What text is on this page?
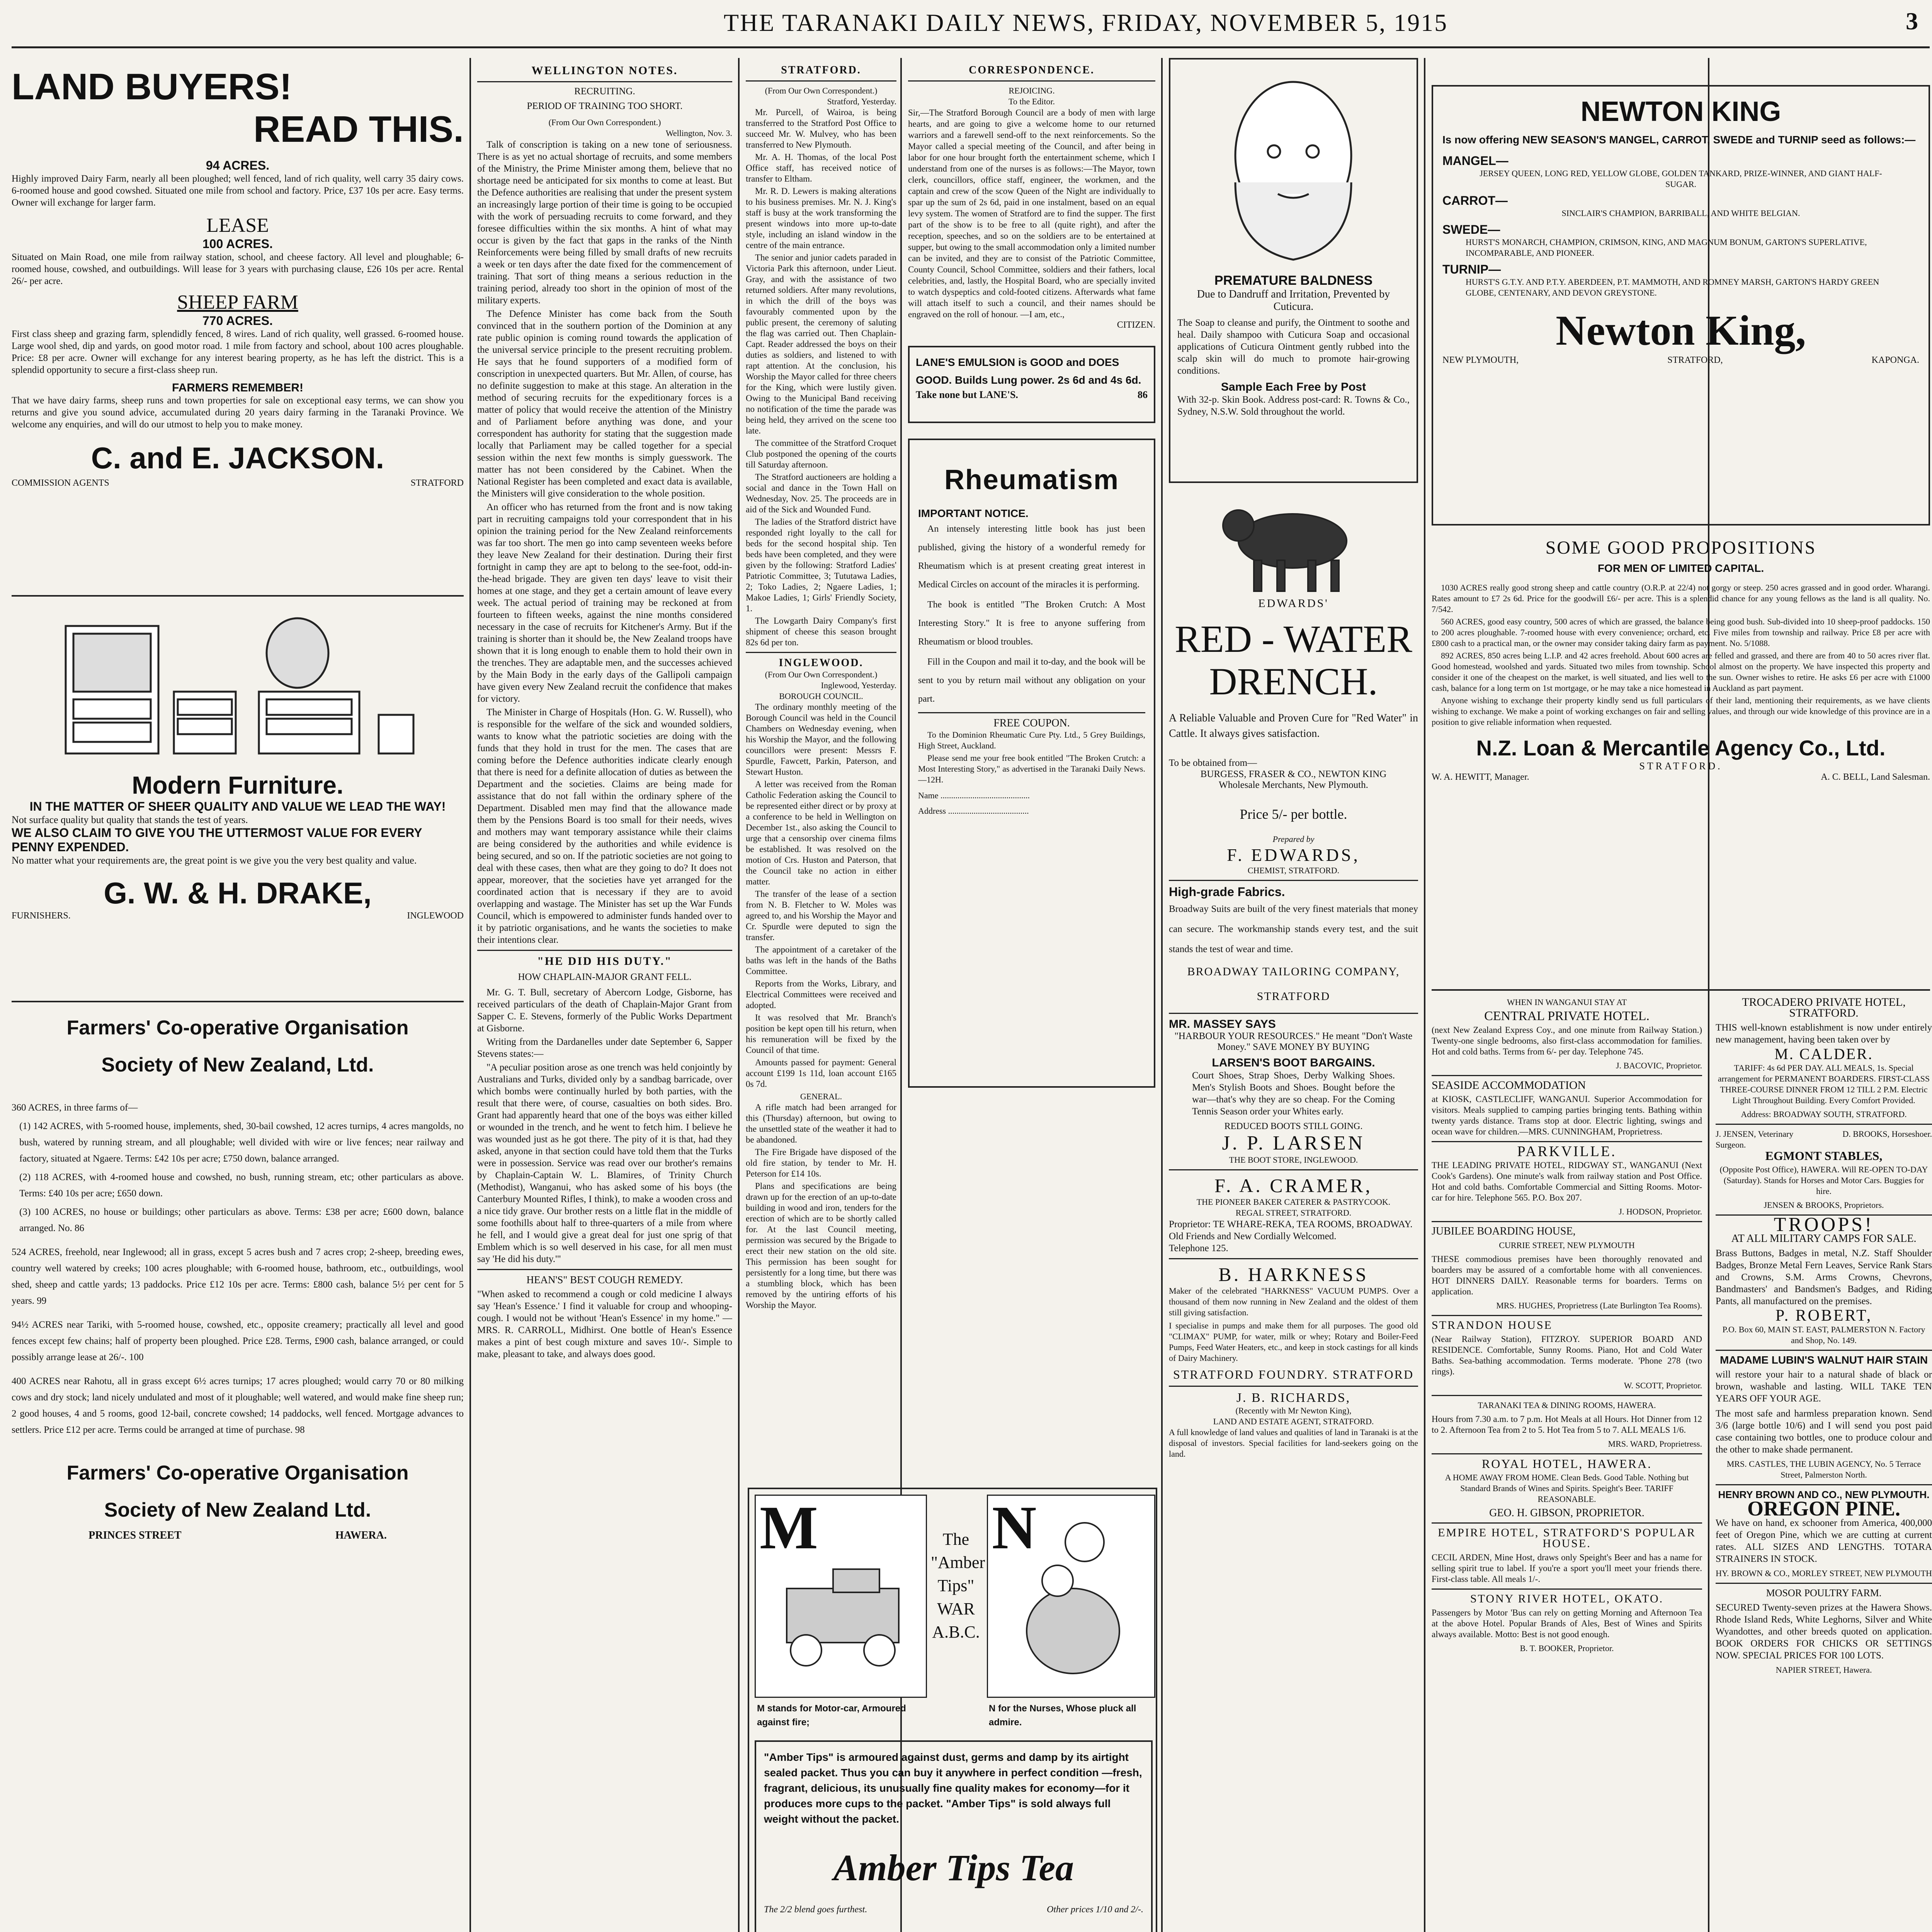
THE TARANAKI DAILY NEWS, FRIDAY, NOVEMBER 5, 1915	3
LAND BUYERS!
READ THIS.
94 ACRES.
Highly improved Dairy Farm, nearly all been ploughed; well fenced, land of rich quality, well carry 35 dairy cows. 6-roomed house and good cowshed. Situated one mile from school and factory. Price, £37 10s per acre. Easy terms. Owner will exchange for larger farm.
LEASE
100 ACRES.
Situated on Main Road, one mile from railway station, school, and cheese factory. All level and ploughable; 6-roomed house, cowshed, and outbuildings. Will lease for 3 years with purchasing clause, £26 10s per acre. Rental 26/- per acre.
SHEEP FARM
770 ACRES.
First class sheep and grazing farm, splendidly fenced, 8 wires. Land of rich quality, well grassed. 6-roomed house. Large wool shed, dip and yards, on good motor road. 1 mile from factory and school, about 100 acres ploughable. Price: £8 per acre. Owner will exchange for any interest bearing property, as he has left the district. This is a splendid opportunity to secure a first-class sheep run.
FARMERS REMEMBER!
That we have dairy farms, sheep runs and town properties for sale on exceptional easy terms, we can show you returns and give you sound advice, accumulated during 20 years dairy farming in the Taranaki Province. We welcome any enquiries, and will do our utmost to help you to make money.
C. and E. JACKSON.
COMMISSION AGENTS	STRATFORD
Modern Furniture.
IN THE MATTER OF SHEER QUALITY AND VALUE WE LEAD THE WAY!
Not surface quality but quality that stands the test of years.
WE ALSO CLAIM TO GIVE YOU THE UTTERMOST VALUE FOR EVERY PENNY EXPENDED.
No matter what your requirements are, the great point is we give you the very best quality and value.
G. W. & H. DRAKE,
FURNISHERS.	INGLEWOOD
Farmers' Co-operative Organisation
Society of New Zealand, Ltd.
360 ACRES, in three farms of—
(1) 142 ACRES, with 5-roomed house, implements, shed, 30-bail cowshed, 12 acres turnips, 4 acres mangolds, no bush, watered by running stream, and all ploughable; well divided with wire or live fences; near railway and factory, situated at Ngaere. Terms: £42 10s per acre; £750 down, balance arranged.
(2) 118 ACRES, with 4-roomed house and cowshed, no bush, running stream, etc; other particulars as above. Terms: £40 10s per acre; £650 down.
(3) 100 ACRES, no house or buildings; other particulars as above. Terms: £38 per acre; £600 down, balance arranged. No. 86
524 ACRES, freehold, near Inglewood; all in grass, except 5 acres bush and 7 acres crop; 2-sheep, breeding ewes, country well watered by creeks; 100 acres ploughable; with 6-roomed house, bathroom, etc., outbuildings, wool shed, sheep and cattle yards; 13 paddocks. Price £12 10s per acre. Terms: £800 cash, balance 5½ per cent for 5 years. 99
94½ ACRES near Tariki, with 5-roomed house, cowshed, etc., opposite creamery; practically all level and good fences except few chains; half of property been ploughed. Price £28. Terms, £900 cash, balance arranged, or could possibly arrange lease at 26/-. 100
400 ACRES near Rahotu, all in grass except 6½ acres turnips; 17 acres ploughed; would carry 70 or 80 milking cows and dry stock; land nicely undulated and most of it ploughable; well watered, and would make fine sheep run; 2 good houses, 4 and 5 rooms, good 12-bail, concrete cowshed; 14 paddocks, well fenced. Mortgage advances to settlers. Price £12 per acre. Terms could be arranged at time of purchase. 98
Farmers' Co-operative Organisation
Society of New Zealand Ltd.
PRINCES STREET	HAWERA.
WELLINGTON NOTES.
RECRUITING.
PERIOD OF TRAINING TOO SHORT.
(From Our Own Correspondent.)
Wellington, Nov. 3.

Talk of conscription is taking on a new tone of seriousness. There is as yet no actual shortage of recruits, and some members of the Ministry, the Prime Minister among them, believe that no shortage need be anticipated for six months to come at least. But the Defence authorities are realising that under the present system an increasingly large portion of their time is going to be occupied with the work of persuading recruits to come forward, and they foresee difficulties within the six months. A hint of what may occur is given by the fact that gaps in the ranks of the Ninth Reinforcements were being filled by small drafts of new recruits a week or ten days after the date fixed for the commencement of training. That sort of thing means a serious reduction in the training period, already too short in the opinion of most of the military experts.

The Defence Minister has come back from the South convinced that in the southern portion of the Dominion at any rate public opinion is coming round towards the application of the universal service principle to the present recruiting problem. He says that he found supporters of a modified form of conscription in unexpected quarters. But Mr. Allen, of course, has no definite suggestion to make at this stage. An alteration in the method of securing recruits for the expeditionary forces is a matter of policy that would receive the attention of the Ministry and of Parliament before anything was done, and your correspondent has authority for stating that the suggestion made locally that Parliament may be called together for a special session within the next few months is simply guesswork. The matter has not been considered by the Cabinet. When the National Register has been completed and exact data is available, the Ministers will give consideration to the whole position.

An officer who has returned from the front and is now taking part in recruiting campaigns told your correspondent that in his opinion the training period for the New Zealand reinforcements was far too short. The men go into camp seventeen weeks before they leave New Zealand for their destination. During their first fortnight in camp they are apt to belong to the see-foot, odd-in-the-head brigade. They are given ten days' leave to visit their homes at one stage, and they get a certain amount of leave every week. The actual period of training may be reckoned at from fourteen to fifteen weeks, against the nine months considered necessary in the case of recruits for Kitchener's Army. But if the training is shorter than it should be, the New Zealand troops have shown that it is long enough to enable them to hold their own in the trenches. They are adaptable men, and the successes achieved by the Main Body in the early days of the Gallipoli campaign have given every New Zealand recruit the confidence that makes for victory.

The Minister in Charge of Hospitals (Hon. G. W. Russell), who is responsible for the welfare of the sick and wounded soldiers, wants to know what the patriotic societies are doing with the funds that they hold in trust for the men. The cases that are coming before the Defence authorities indicate clearly enough that there is need for a definite allocation of duties as between the Department and the societies. Claims are being made for assistance that do not fall within the ordinary sphere of the Department. Disabled men may find that the allowance made them by the Pensions Board is too small for their needs, wives and mothers may want temporary assistance while their claims are being considered by the authorities and while evidence is being secured, and so on. If the patriotic societies are not going to deal with these cases, then what are they going to do? It does not appear, moreover, that the societies have yet arranged for the coordinated action that is necessary if they are to avoid overlapping and wastage. The Minister has set up the War Funds Council, which is empowered to administer funds handed over to it by patriotic organisations, and he wants the societies to make their intentions clear.

"HE DID HIS DUTY."
HOW CHAPLAIN-MAJOR GRANT FELL.

Mr. G. T. Bull, secretary of Abercorn Lodge, Gisborne, has received particulars of the death of Chaplain-Major Grant from Sapper C. E. Stevens, formerly of the Public Works Department at Gisborne.

Writing from the Dardanelles under date September 6, Sapper Stevens states:—

"A peculiar position arose as one trench was held conjointly by Australians and Turks, divided only by a sandbag barricade, over which bombs were continually hurled by both parties, with the result that there were, of course, casualties on both sides. Bro. Grant had apparently heard that one of the boys was either killed or wounded in the trench, and he went to fetch him. I believe he was wounded just as he got there. The pity of it is that, had they asked, anyone in that section could have told them that the Turks were in possession. Service was read over our brother's remains by Chaplain-Captain W. L. Blamires, of Trinity Church (Methodist), Wanganui, who has asked some of his boys (the Canterbury Mounted Rifles, I think), to make a wooden cross and a nice tidy grave. Our brother rests on a little flat in the middle of some foothills about half to three-quarters of a mile from where he fell, and I would give a great deal for just one sprig of that Emblem which is so well deserved in his case, for all men must say 'He did his duty.'"

HEAN'S" BEST COUGH REMEDY.
"When asked to recommend a cough or cold medicine I always say 'Hean's Essence.' I find it valuable for croup and whooping-cough. I would not be without 'Hean's Essence' in my home." —MRS. R. CARROLL, Midhirst. One bottle of Hean's Essence makes a pint of best cough mixture and saves 10/-. Simple to make, pleasant to take, and always does good.
STRATFORD.
(From Our Own Correspondent.)
Stratford, Yesterday.

Mr. Purcell, of Wairoa, is being transferred to the Stratford Post Office to succeed Mr. W. Mulvey, who has been transferred to New Plymouth.

Mr. A. H. Thomas, of the local Post Office staff, has received notice of transfer to Eltham.

Mr. R. D. Lewers is making alterations to his business premises. Mr. N. J. King's staff is busy at the work transforming the present windows into more up-to-date style, including an island window in the centre of the main entrance.

The senior and junior cadets paraded in Victoria Park this afternoon, under Lieut. Gray, and with the assistance of two returned soldiers. After many revolutions, in which the drill of the boys was favourably commented upon by the public present, the ceremony of saluting the flag was carried out. Then Chaplain-Capt. Reader addressed the boys on their duties as soldiers, and listened to with rapt attention. At the conclusion, his Worship the Mayor called for three cheers for the King, which were lustily given. Owing to the Municipal Band receiving no notification of the time the parade was being held, they arrived on the scene too late.

The committee of the Stratford Croquet Club postponed the opening of the courts till Saturday afternoon.

The Stratford auctioneers are holding a social and dance in the Town Hall on Wednesday, Nov. 25. The proceeds are in aid of the Sick and Wounded Fund.

The ladies of the Stratford district have responded right loyally to the call for beds for the second hospital ship. Ten beds have been completed, and they were given by the following: Stratford Ladies' Patriotic Committee, 3; Tututawa Ladies, 2; Toko Ladies, 2; Ngaere Ladies, 1; Makoe Ladies, 1; Girls' Friendly Society, 1.

The Lowgarth Dairy Company's first shipment of cheese this season brought 82s 6d per ton.

INGLEWOOD.
(From Our Own Correspondent.)
Inglewood, Yesterday.
BOROUGH COUNCIL.

The ordinary monthly meeting of the Borough Council was held in the Council Chambers on Wednesday evening, when his Worship the Mayor, and the following councillors were present: Messrs F. Spurdle, Fawcett, Parkin, Paterson, and Stewart Huston.

A letter was received from the Roman Catholic Federation asking the Council to be represented either direct or by proxy at a conference to be held in Wellington on December 1st., also asking the Council to urge that a censorship over cinema films be established. It was resolved on the motion of Crs. Huston and Paterson, that the Council take no action in either matter.

The transfer of the lease of a section from N. B. Fletcher to W. Moles was agreed to, and his Worship the Mayor and Cr. Spurdle were deputed to sign the transfer.

The appointment of a caretaker of the baths was left in the hands of the Baths Committee.

Reports from the Works, Library, and Electrical Committees were received and adopted.

It was resolved that Mr. Branch's position be kept open till his return, when his remuneration will be fixed by the Council of that time.

Amounts passed for payment: General account £199 1s 11d, loan account £165 0s 7d.

GENERAL.

A rifle match had been arranged for this (Thursday) afternoon, but owing to the unsettled state of the weather it had to be abandoned.

The Fire Brigade have disposed of the old fire station, by tender to Mr. H. Peterson for £14 10s.

Plans and specifications are being drawn up for the erection of an up-to-date building in wood and iron, tenders for the erection of which are to be shortly called for. At the last Council meeting, permission was secured by the Brigade to erect their new station on the old site. This permission has been sought for persistently for a long time, but there was a stumbling block, which has been removed by the untiring efforts of his Worship the Mayor.

CORRESPONDENCE.
REJOICING.
To the Editor.
Sir,—The Stratford Borough Council are a body of men with large hearts, and are going to give a welcome home to our returned warriors and a farewell send-off to the next reinforcements. So the Mayor called a special meeting of the Council, and after being in labor for one hour brought forth the entertainment scheme, which I understand from one of the nurses is as follows:—The Mayor, town clerk, councillors, office staff, engineer, the workmen, and the captain and crew of the scow Queen of the Night are individually to spar up the sum of 2s 6d, paid in one instalment, based on an equal levy system. The women of Stratford are to find the supper. The first part of the show is to be free to all (quite right), and after the reception, speeches, and so on the soldiers are to be entertained at supper, but owing to the small accommodation only a limited number can be invited, and they are to consist of the Patriotic Committee, County Council, School Committee, soldiers and their fathers, local celebrities, and, lastly, the Hospital Board, who are specially invited to watch dyspeptics and cold-footed citizens. Afterwards what fame will attach itself to such a council, and their names should be engraved on the roll of honour. —I am, etc.,
CITIZEN.
LANE'S EMULSION is GOOD and DOES GOOD. Builds Lung power. 2s 6d and 4s 6d.
Take none but LANE'S.	86
Rheumatism
IMPORTANT NOTICE.

An intensely interesting little book has just been published, giving the history of a wonderful remedy for Rheumatism which is at present creating great interest in Medical Circles on account of the miracles it is performing.

The book is entitled "The Broken Crutch: A Most Interesting Story." It is free to anyone suffering from Rheumatism or blood troubles.

Fill in the Coupon and mail it to-day, and the book will be sent to you by return mail without any obligation on your part.

FREE COUPON.

To the Dominion Rheumatic Cure Pty. Ltd., 5 Grey Buildings, High Street, Auckland.

Please send me your free book entitled "The Broken Crutch: a Most Interesting Story," as advertised in the Taranaki Daily News.—12H.

Name ..........................................
Address ......................................
M	The "Amber Tips" WAR A.B.C.
N
M stands for Motor-car, Armoured against fire;
N for the Nurses, Whose pluck all admire.
"Amber Tips" is armoured against dust, germs and damp by its airtight sealed packet. Thus you can buy it anywhere in perfect condition —fresh, fragrant, delicious, its unusually fine quality makes for economy—for it produces more cups to the packet. "Amber Tips" is sold always full weight without the packet.
Amber Tips Tea
The 2/2 blend goes furthest.	Other prices 1/10 and 2/-.
PREMATURE BALDNESS
Due to Dandruff and Irritation, Prevented by Cuticura.
The Soap to cleanse and purify, the Ointment to soothe and heal. Daily shampoo with Cuticura Soap and occasional applications of Cuticura Ointment gently rubbed into the scalp skin will do much to promote hair-growing conditions.
Sample Each Free by Post
With 32-p. Skin Book. Address post-card: R. Towns & Co., Sydney, N.S.W. Sold throughout the world.
EDWARDS'
RED - WATER DRENCH.
A Reliable Valuable and Proven Cure for "Red Water" in Cattle. It always gives satisfaction.
To be obtained from—
BURGESS, FRASER & CO., NEWTON KING
Wholesale Merchants, New Plymouth.
Price 5/- per bottle.
Prepared by
F. EDWARDS,
CHEMIST, STRATFORD.
High-grade Fabrics.
Broadway Suits are built of the very finest materials that money can secure. The workmanship stands every test, and the suit stands the test of wear and time.
BROADWAY TAILORING COMPANY, STRATFORD
MR. MASSEY SAYS
"HARBOUR YOUR RESOURCES." He meant "Don't Waste Money." SAVE MONEY BY BUYING
LARSEN'S BOOT BARGAINS.
Court Shoes, Strap Shoes, Derby Walking Shoes. Men's Stylish Boots and Shoes. Bought before the war—that's why they are so cheap. For the Coming Tennis Season order your Whites early.
REDUCED BOOTS STILL GOING.
J. P. LARSEN
THE BOOT STORE, INGLEWOOD.
F. A. CRAMER,
THE PIONEER BAKER CATERER & PASTRYCOOK.
REGAL STREET, STRATFORD.
Proprietor: TE WHARE-REKA, TEA ROOMS, BROADWAY.
Old Friends and New Cordially Welcomed.
Telephone 125.
B. HARKNESS
Maker of the celebrated "HARKNESS" VACUUM PUMPS. Over a thousand of them now running in New Zealand and the oldest of them still giving satisfaction.
I specialise in pumps and make them for all purposes. The good old "CLIMAX" PUMP, for water, milk or whey; Rotary and Boiler-Feed Pumps, Feed Water Heaters, etc., and keep in stock castings for all kinds of Dairy Machinery.
STRATFORD FOUNDRY. STRATFORD
J. B. RICHARDS,
(Recently with Mr Newton King),
LAND AND ESTATE AGENT, STRATFORD.
A full knowledge of land values and qualities of land in Taranaki is at the disposal of investors. Special facilities for land-seekers going on the land.
NEWTON KING
Is now offering NEW SEASON'S MANGEL, CARROT, SWEDE and TURNIP seed as follows:—
MANGEL—
JERSEY QUEEN, LONG RED, YELLOW GLOBE, GOLDEN TANKARD, PRIZE-WINNER, AND GIANT HALF-SUGAR.
CARROT—
SINCLAIR'S CHAMPION, BARRIBALL, AND WHITE BELGIAN.
SWEDE—
HURST'S MONARCH, CHAMPION, CRIMSON, KING, AND MAGNUM BONUM, GARTON'S SUPERLATIVE, INCOMPARABLE, AND PIONEER.
TURNIP—
HURST'S G.T.Y. AND P.T.Y. ABERDEEN, P.T. MAMMOTH, AND ROMNEY MARSH, GARTON'S HARDY GREEN GLOBE, CENTENARY, AND DEVON GREYSTONE.
Newton King,
NEW PLYMOUTH,	STRATFORD,	KAPONGA.
SOME GOOD PROPOSITIONS
FOR MEN OF LIMITED CAPITAL.

1030 ACRES really good strong sheep and cattle country (O.R.P. at 22/4) not gorgy or steep. 250 acres grassed and in good order. Wharangi. Rates amount to £7 2s 6d. Price for the goodwill £6/- per acre. This is a splendid chance for any young fellows as the land is all quality. No. 7/542.

560 ACRES, good easy country, 500 acres of which are grassed, the balance being good bush. Sub-divided into 10 sheep-proof paddocks. 150 to 200 acres ploughable. 7-roomed house with every convenience; orchard, etc. Five miles from township and railway. Price £8 per acre with £800 cash to a practical man, or the owner may consider taking dairy farm as payment. No. 5/1088.

892 ACRES, 850 acres being L.I.P. and 42 acres freehold. About 600 acres are felled and grassed, and there are from 40 to 50 acres river flat. Good homestead, woolshed and yards. Situated two miles from township. School almost on the property. We have inspected this property and consider it one of the cheapest on the market, is well situated, and lies well to the sun. Owner wishes to retire. He asks £6 per acre with £1000 cash, balance for a long term on 1st mortgage, or he may take a nice homestead in Auckland as part payment.

Anyone wishing to exchange their property kindly send us full particulars of their land, mentioning their requirements, as we have clients wishing to exchange. We make a point of working exchanges on fair and selling values, and through our wide knowledge of this province are in a position to give reliable information when requested.

N.Z. Loan & Mercantile Agency Co., Ltd.
STRATFORD.
W. A. HEWITT, Manager.	A. C. BELL, Land Salesman.

WHEN IN WANGANUI STAY AT

CENTRAL PRIVATE HOTEL.

(next New Zealand Express Coy., and one minute from Railway Station.) Twenty-one single bedrooms, also first-class accommodation for families. Hot and cold baths. Terms from 6/- per day. Telephone 745.

J. BACOVIC, Proprietor.

SEASIDE ACCOMMODATION

at KIOSK, CASTLECLIFF, WANGANUI. Superior Accommodation for visitors. Meals supplied to camping parties bringing tents. Bathing within twenty yards distance. Trams stop at door. Electric lighting, swings and ocean wave for children.—MRS. CUNNINGHAM, Proprietress.

PARKVILLE.

THE LEADING PRIVATE HOTEL, RIDGWAY ST., WANGANUI (Next Cook's Gardens). One minute's walk from railway station and Post Office. Hot and cold baths. Comfortable Commercial and Sitting Rooms. Motor-car for hire. Telephone 565. P.O. Box 207.

J. HODSON, Proprietor.

JUBILEE BOARDING HOUSE,

CURRIE STREET, NEW PLYMOUTH

THESE commodious premises have been thoroughly renovated and boarders may be assured of a comfortable home with all conveniences. HOT DINNERS DAILY. Reasonable terms for boarders. Terms on application.

MRS. HUGHES, Proprietress (Late Burlington Tea Rooms).

STRANDON HOUSE

(Near Railway Station), FITZROY. SUPERIOR BOARD AND RESIDENCE. Comfortable, Sunny Rooms. Piano, Hot and Cold Water Baths. Sea-bathing accommodation. Terms moderate. 'Phone 278 (two rings).

W. SCOTT, Proprietor.

TARANAKI TEA & DINING ROOMS, HAWERA.

Hours from 7.30 a.m. to 7 p.m. Hot Meals at all Hours. Hot Dinner from 12 to 2. Afternoon Tea from 2 to 5. Hot Tea from 5 to 7. ALL MEALS 1/6.

MRS. WARD, Proprietress.

ROYAL HOTEL, HAWERA.

A HOME AWAY FROM HOME. Clean Beds. Good Table. Nothing but Standard Brands of Wines and Spirits. Speight's Beer. TARIFF REASONABLE.

GEO. H. GIBSON, PROPRIETOR.

EMPIRE HOTEL, STRATFORD'S POPULAR HOUSE.

CECIL ARDEN, Mine Host, draws only Speight's Beer and has a name for selling spirit true to label. If you're a sport you'll meet your friends there. First-class table. All meals 1/-.

STONY RIVER HOTEL, OKATO.

Passengers by Motor 'Bus can rely on getting Morning and Afternoon Tea at the above Hotel. Popular Brands of Ales, Best of Wines and Spirits always available. Motto: Best is not good enough.

B. T. BOOKER, Proprietor.

TROCADERO PRIVATE HOTEL, STRATFORD.

THIS well-known establishment is now under entirely new management, having been taken over by

M. CALDER.

TARIFF: 4s 6d PER DAY. ALL MEALS, 1s. Special arrangement for PERMANENT BOARDERS. FIRST-CLASS THREE-COURSE DINNER FROM 12 TILL 2 P.M. Electric Light Throughout Building. Every Comfort Provided.

Address: BROADWAY SOUTH, STRATFORD.

J. JENSEN, Veterinary Surgeon.
D. BROOKS, Horseshoer.

EGMONT STABLES,

(Opposite Post Office), HAWERA. Will RE-OPEN TO-DAY (Saturday). Stands for Horses and Motor Cars. Buggies for hire.

JENSEN & BROOKS, Proprietors.

TROOPS!

AT ALL MILITARY CAMPS FOR SALE.

Brass Buttons, Badges in metal, N.Z. Staff Shoulder Badges, Bronze Metal Fern Leaves, Service Rank Stars and Crowns, S.M. Arms Crowns, Chevrons, Bandmasters' and Bandsmen's Badges, and Riding Pants, all manufactured on the premises.

P. ROBERT,

P.O. Box 60, MAIN ST. EAST, PALMERSTON N. Factory and Shop, No. 149.

MADAME LUBIN'S WALNUT HAIR STAIN

will restore your hair to a natural shade of black or brown, washable and lasting. WILL TAKE TEN YEARS OFF YOUR AGE.

The most safe and harmless preparation known. Send 3/6 (large bottle 10/6) and I will send you post paid case containing two bottles, one to produce colour and the other to make shade permanent.

MRS. CASTLES, THE LUBIN AGENCY, No. 5 Terrace Street, Palmerston North.

HENRY BROWN AND CO., NEW PLYMOUTH.

OREGON PINE.

We have on hand, ex schooner from America, 400,000 feet of Oregon Pine, which we are cutting at current rates. ALL SIZES AND LENGTHS. TOTARA STRAINERS IN STOCK.

HY. BROWN & CO., MORLEY STREET, NEW PLYMOUTH

MOSOR POULTRY FARM.

SECURED Twenty-seven prizes at the Hawera Shows. Rhode Island Reds, White Leghorns, Silver and White Wyandottes, and other breeds quoted on application. BOOK ORDERS FOR CHICKS OR SETTINGS NOW. SPECIAL PRICES FOR 100 LOTS.

NAPIER STREET, Hawera.
